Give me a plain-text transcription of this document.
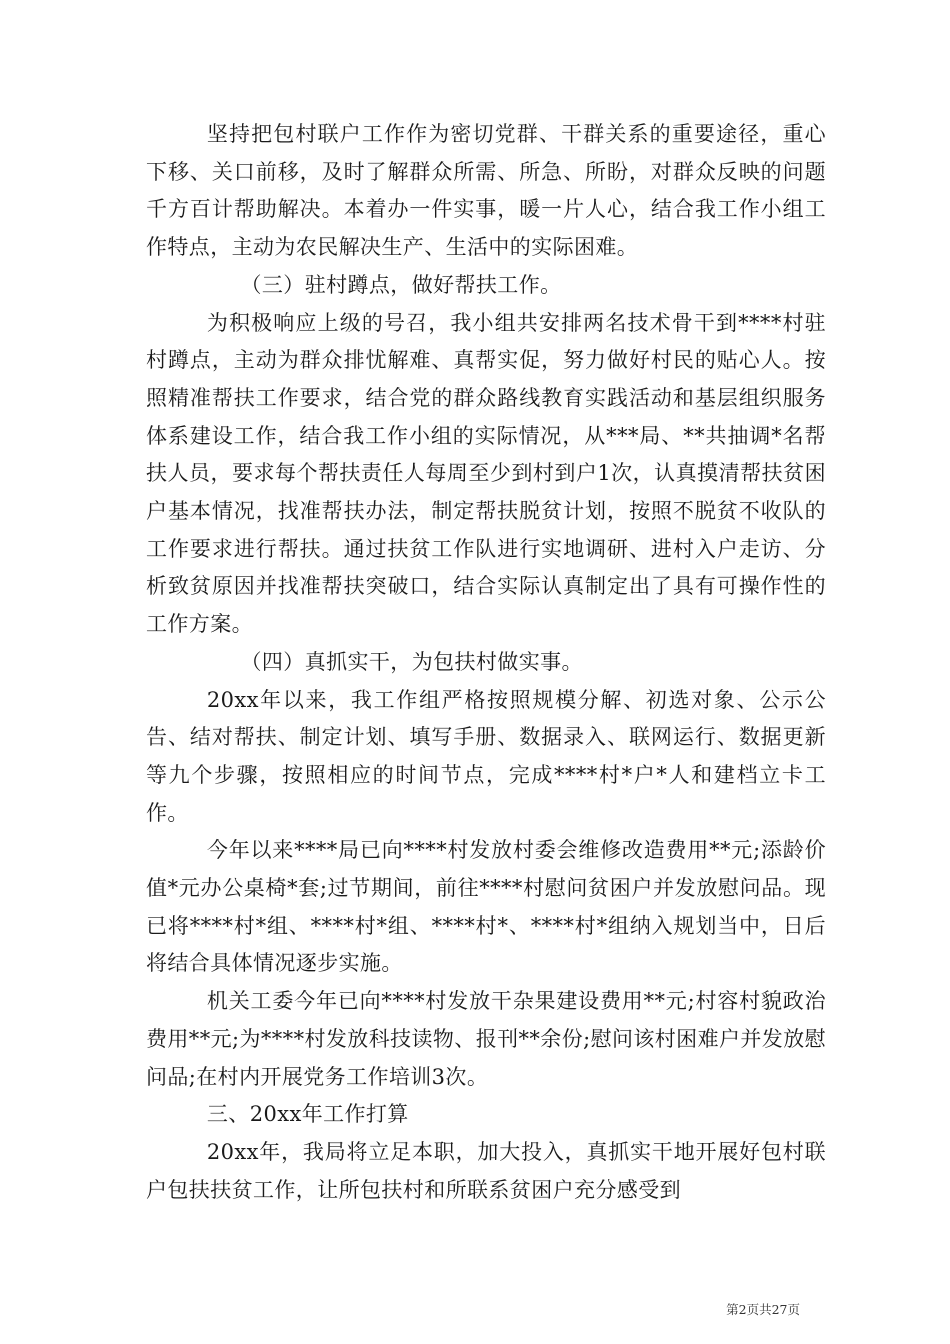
坚持把包村联户工作作为密切党群、干群关系的重要途径，重心下移、关口前移，及时了解群众所需、所急、所盼，对群众反映的问题千方百计帮助解决。本着办一件实事，暖一片人心，结合我工作小组工作特点，主动为农民解决生产、生活中的实际困难。

（三）驻村蹲点，做好帮扶工作。

为积极响应上级的号召，我小组共安排两名技术骨干到****村驻村蹲点，主动为群众排忧解难、真帮实促，努力做好村民的贴心人。按照精准帮扶工作要求，结合党的群众路线教育实践活动和基层组织服务体系建设工作，结合我工作小组的实际情况，从***局、**共抽调*名帮扶人员，要求每个帮扶责任人每周至少到村到户1次，认真摸清帮扶贫困户基本情况，找准帮扶办法，制定帮扶脱贫计划，按照不脱贫不收队的工作要求进行帮扶。通过扶贫工作队进行实地调研、进村入户走访、分析致贫原因并找准帮扶突破口，结合实际认真制定出了具有可操作性的工作方案。

（四）真抓实干，为包扶村做实事。

20xx年以来，我工作组严格按照规模分解、初选对象、公示公告、结对帮扶、制定计划、填写手册、数据录入、联网运行、数据更新等九个步骤，按照相应的时间节点，完成****村*户*人和建档立卡工作。

今年以来****局已向****村发放村委会维修改造费用**元;添龄价值*元办公桌椅*套;过节期间，前往****村慰问贫困户并发放慰问品。现已将****村*组、****村*组、****村*、****村*组纳入规划当中，日后将结合具体情况逐步实施。

机关工委今年已向****村发放干杂果建设费用**元;村容村貌政治费用**元;为****村发放科技读物、报刊**余份;慰问该村困难户并发放慰问品;在村内开展党务工作培训3次。

三、20xx年工作打算

20xx年，我局将立足本职，加大投入，真抓实干地开展好包村联户包扶扶贫工作，让所包扶村和所联系贫困户充分感受到

第2页共27页
